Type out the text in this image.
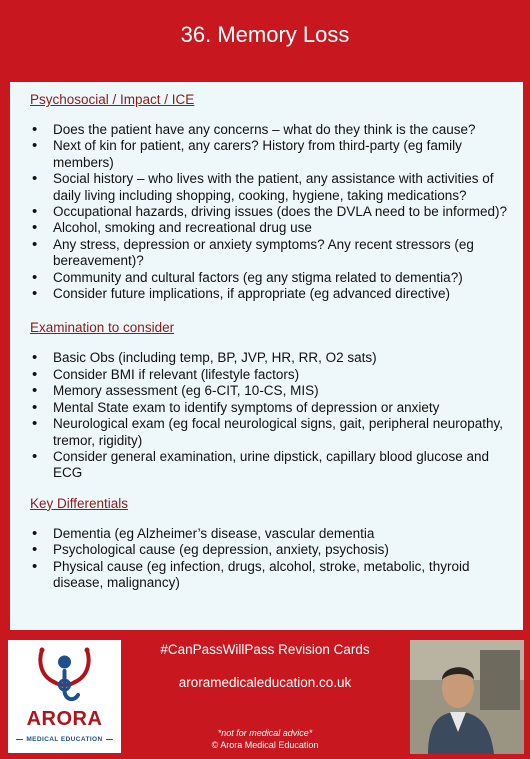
36. Memory Loss
Psychosocial / Impact / ICE
• Does the patient have any concerns – what do they think is the cause?
• Next of kin for patient, any carers? History from third-party (eg family members)
• Social history – who lives with the patient, any assistance with activities of daily living including shopping, cooking, hygiene, taking medications?
• Occupational hazards, driving issues (does the DVLA need to be informed)?
• Alcohol, smoking and recreational drug use
• Any stress, depression or anxiety symptoms? Any recent stressors (eg bereavement)?
• Community and cultural factors (eg any stigma related to dementia?)
• Consider future implications, if appropriate (eg advanced directive)
Examination to consider
• Basic Obs (including temp, BP, JVP, HR, RR, O2 sats)
• Consider BMI if relevant (lifestyle factors)
• Memory assessment (eg 6-CIT, 10-CS, MIS)
• Mental State exam to identify symptoms of depression or anxiety
• Neurological exam (eg focal neurological signs, gait, peripheral neuropathy, tremor, rigidity)
• Consider general examination, urine dipstick, capillary blood glucose and ECG
Key Differentials
• Dementia (eg Alzheimer’s disease, vascular dementia
• Psychological cause (eg depression, anxiety, psychosis)
• Physical cause (eg infection, drugs, alcohol, stroke, metabolic, thyroid disease, malignancy)
ARORA
MEDICAL EDUCATION
#CanPassWillPass Revision Cards
aroramedicaleducation.co.uk
*not for medical advice*
© Arora Medical Education
